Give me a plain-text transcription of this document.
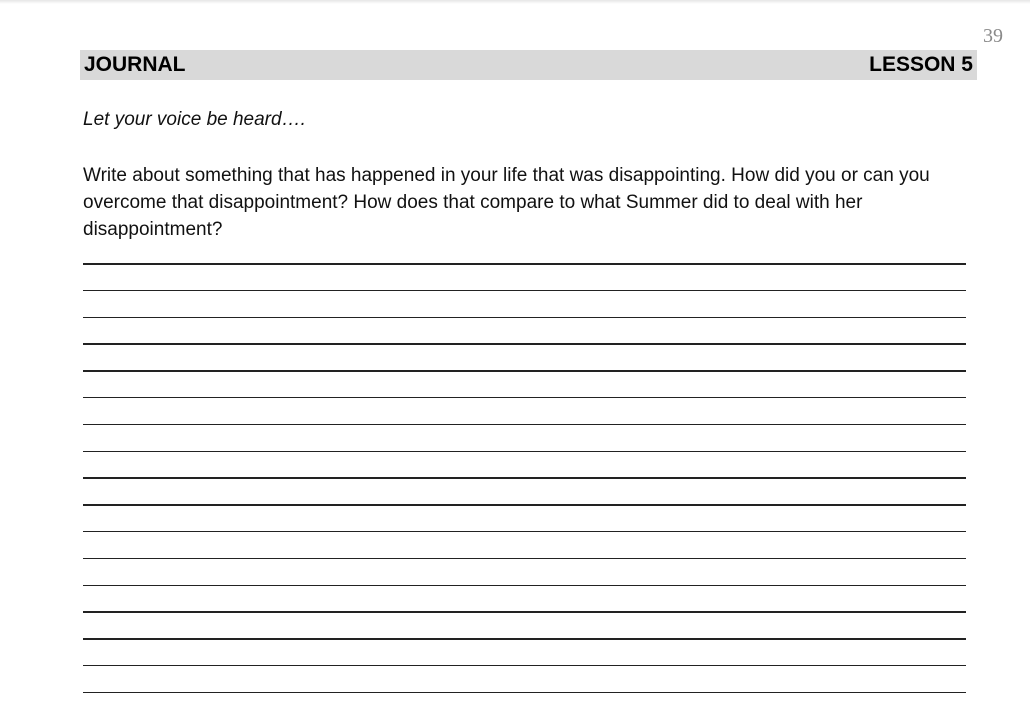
39
JOURNAL	LESSON 5
Let your voice be heard….

Write about something that has happened in your life that was disappointing. How did you or can you overcome that disappointment? How does that compare to what Summer did to deal with her disappointment?
